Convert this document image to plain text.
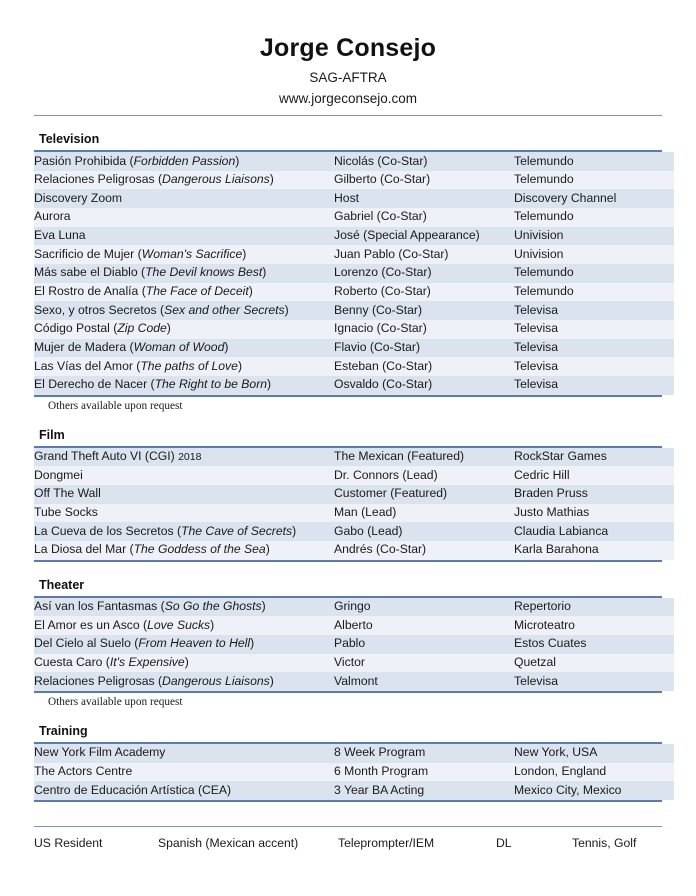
Jorge Consejo
SAG-AFTRA
www.jorgeconsejo.com
Television
Pasión Prohibida (Forbidden Passion)	Nicolás (Co-Star)	Telemundo
Relaciones Peligrosas (Dangerous Liaisons)	Gilberto (Co-Star)	Telemundo
Discovery Zoom	Host	Discovery Channel
Aurora	Gabriel (Co-Star)	Telemundo
Eva Luna	José (Special Appearance)	Univision
Sacrificio de Mujer (Woman's Sacrifice)	Juan Pablo (Co-Star)	Univision
Más sabe el Diablo (The Devil knows Best)	Lorenzo (Co-Star)	Telemundo
El Rostro de Analía (The Face of Deceit)	Roberto (Co-Star)	Telemundo
Sexo, y otros Secretos (Sex and other Secrets)	Benny (Co-Star)	Televisa
Código Postal (Zip Code)	Ignacio (Co-Star)	Televisa
Mujer de Madera (Woman of Wood)	Flavio (Co-Star)	Televisa
Las Vías del Amor (The paths of Love)	Esteban (Co-Star)	Televisa
El Derecho de Nacer (The Right to be Born)	Osvaldo (Co-Star)	Televisa
Others available upon request
Film
Grand Theft Auto VI (CGI) 2018	The Mexican (Featured)	RockStar Games
Dongmei	Dr. Connors (Lead)	Cedric Hill
Off The Wall	Customer (Featured)	Braden Pruss
Tube Socks	Man (Lead)	Justo Mathias
La Cueva de los Secretos (The Cave of Secrets)	Gabo (Lead)	Claudia Labianca
La Diosa del Mar (The Goddess of the Sea)	Andrés (Co-Star)	Karla Barahona
Theater
Así van los Fantasmas (So Go the Ghosts)	Gringo	Repertorio
El Amor es un Asco (Love Sucks)	Alberto	Microteatro
Del Cielo al Suelo (From Heaven to Hell)	Pablo	Estos Cuates
Cuesta Caro (It's Expensive)	Victor	Quetzal
Relaciones Peligrosas (Dangerous Liaisons)	Valmont	Televisa
Others available upon request
Training
New York Film Academy	8 Week Program	New York, USA
The Actors Centre	6 Month Program	London, England
Centro de Educación Artística (CEA)	3 Year BA Acting	Mexico City, Mexico
US Resident	Spanish (Mexican accent)	Teleprompter/IEM	DL	Tennis, Golf
